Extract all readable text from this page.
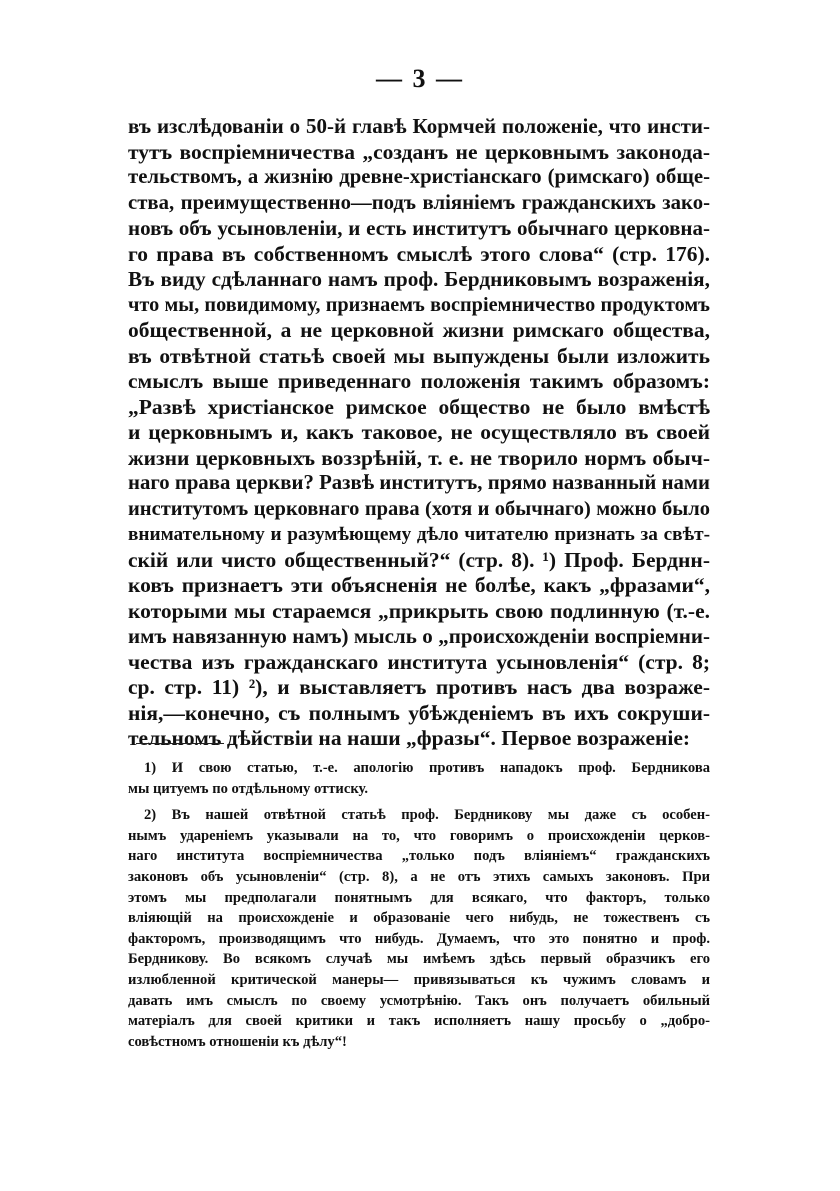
— 3 —
въ изслѣдованіи о 50-й главѣ Кормчей положеніе, что инсти-
тутъ воспріемничества „созданъ не церковнымъ законода-
тельствомъ, а жизнію древне-христіанскаго (римскаго) обще-
ства, преимущественно—подъ вліяніемъ гражданскихъ зако-
новъ объ усыновленіи, и есть институтъ обычнаго церковна-
го права въ собственномъ смыслѣ этого слова“ (стр. 176).
Въ виду сдѣланнаго намъ проф. Бердниковымъ возраженія,
что мы, повидимому, признаемъ воспріемничество продуктомъ
общественной, а не церковной жизни римскаго общества,
въ отвѣтной статьѣ своей мы выпуждены были изложить
смыслъ выше приведеннаго положенія такимъ образомъ:
„Развѣ христіанское римское общество не было вмѣстѣ
и церковнымъ и, какъ таковое, не осуществляло въ своей
жизни церковныхъ воззрѣній, т. е. не творило нормъ обыч-
наго права церкви? Развѣ институтъ, прямо названный нами
институтомъ церковнаго права (хотя и обычнаго) можно было
внимательному и разумѣющему дѣло читателю признать за свѣт-
скій или чисто общественный?“ (стр. 8). ¹) Проф. Берднн-
ковъ признаетъ эти объясненія не болѣе, какъ „фразами“,
которыми мы стараемся „прикрыть свою подлинную (т.-е.
имъ навязанную намъ) мысль о „происхожденіи воспріемни-
чества изъ гражданскаго института усыновленія“ (стр. 8;
ср. стр. 11) ²), и выставляетъ противъ насъ два возраже-
нія,—конечно, съ полнымъ убѣжденіемъ въ ихъ сокруши-
тельномъ дѣйствіи на наши „фразы“. Первое возраженіе:
1) И свою статью, т.-е. апологію противъ нападокъ проф. Бердникова
мы цитуемъ по отдѣльному оттиску.
2) Въ нашей отвѣтной статьѣ проф. Бердникову мы даже съ особен-
нымъ удареніемъ указывали на то, что говоримъ о происхожденіи церков-
наго института воспріемничества „только подъ вліяніемъ“ гражданскихъ
законовъ объ усыновленіи“ (стр. 8), а не отъ этихъ самыхъ законовъ. При
этомъ мы предполагали понятнымъ для всякаго, что факторъ, только
вліяющій на происхожденіе и образованіе чего нибудь, не тожественъ съ
факторомъ, производящимъ что нибудь. Думаемъ, что это понятно и проф.
Бердникову. Во всякомъ случаѣ мы имѣемъ здѣсь первый образчикъ его
излюбленной критической манеры— привязываться къ чужимъ словамъ и
давать имъ смыслъ по своему усмотрѣнію. Такъ онъ получаетъ обильный
матеріалъ для своей критики и такъ исполняетъ нашу просьбу о „добро-
совѣстномъ отношеніи къ дѣлу“!
